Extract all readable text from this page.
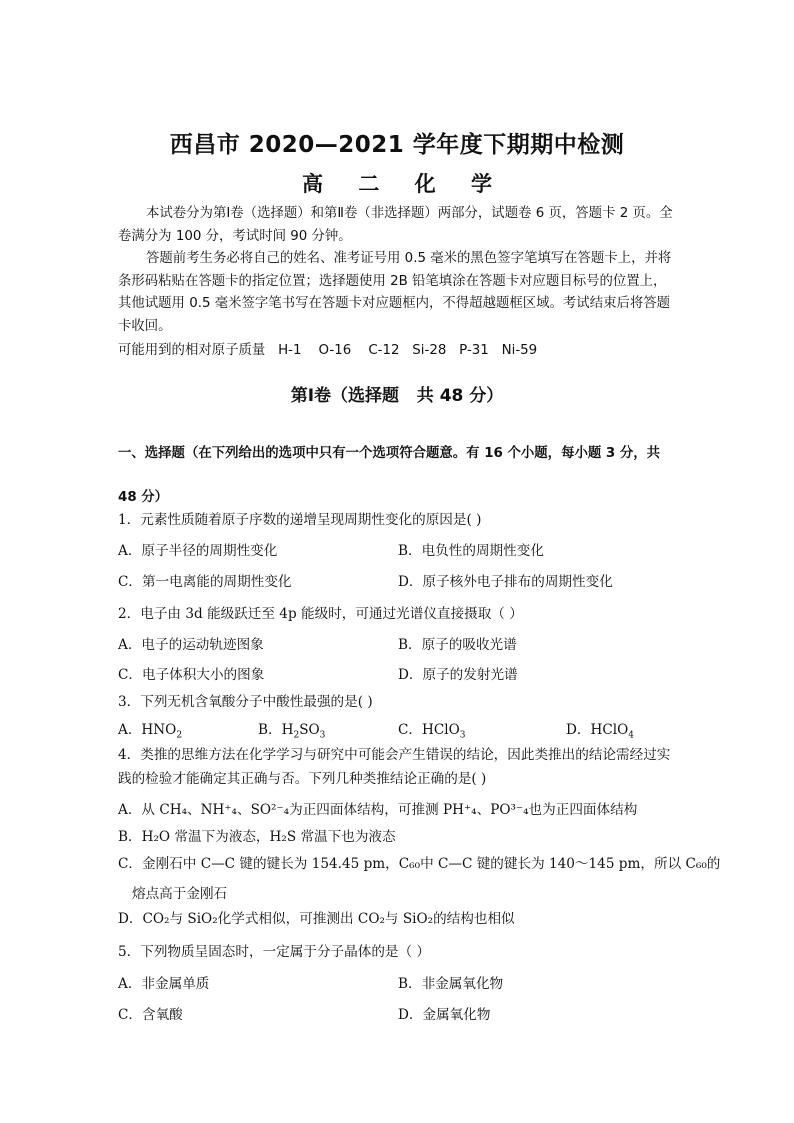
西昌市 2020—2021 学年度下期期中检测
高 二 化 学
本试卷分为第Ⅰ卷（选择题）和第Ⅱ卷（非选择题）两部分，试题卷 6 页，答题卡 2 页。全卷满分为 100 分，考试时间 90 分钟。
答题前考生务必将自己的姓名、准考证号用 0.5 毫米的黑色签字笔填写在答题卡上，并将条形码粘贴在答题卡的指定位置；选择题使用 2B 铅笔填涂在答题卡对应题目标号的位置上，其他试题用 0.5 毫米签字笔书写在答题卡对应题框内，不得超越题框区域。考试结束后将答题卡收回。
可能用到的相对原子质量   H-1    O-16    C-12   Si-28   P-31   Ni-59
第Ⅰ卷（选择题   共 48 分）
一、选择题（在下列给出的选项中只有一个选项符合题意。有 16 个小题，每小题 3 分，共 48 分）
1．元素性质随着原子序数的递增呈现周期性变化的原因是( )
A．原子半径的周期性变化	B．电负性的周期性变化
C．第一电离能的周期性变化	D．原子核外电子排布的周期性变化
2．电子由 3d 能级跃迁至 4p 能级时，可通过光谱仪直接摄取（ ）
A．电子的运动轨迹图象	B．原子的吸收光谱
C．电子体积大小的图象	D．原子的发射光谱
3．下列无机含氧酸分子中酸性最强的是( )
A．$HNO_2$	B．$H_2SO_3$	C．HClO$_3$	D．HClO$_4$
4．类推的思维方法在化学学习与研究中可能会产生错误的结论，因此类推出的结论需经过实践的检验才能确定其正确与否。下列几种类推结论正确的是( )
A．从 CH₄、NH⁺₄、SO²⁻₄为正四面体结构，可推测 PH⁺₄、PO³⁻₄也为正四面体结构
B．H₂O 常温下为液态，H₂S 常温下也为液态
C．金刚石中 C—C 键的键长为 154.45 pm，C₆₀中 C—C 键的键长为 140～145 pm，所以 C₆₀的
熔点高于金刚石
D．CO₂与 SiO₂化学式相似，可推测出 CO₂与 SiO₂的结构也相似
5．下列物质呈固态时，一定属于分子晶体的是（ ）
A．非金属单质	B．非金属氧化物
C．含氧酸	D．金属氧化物
